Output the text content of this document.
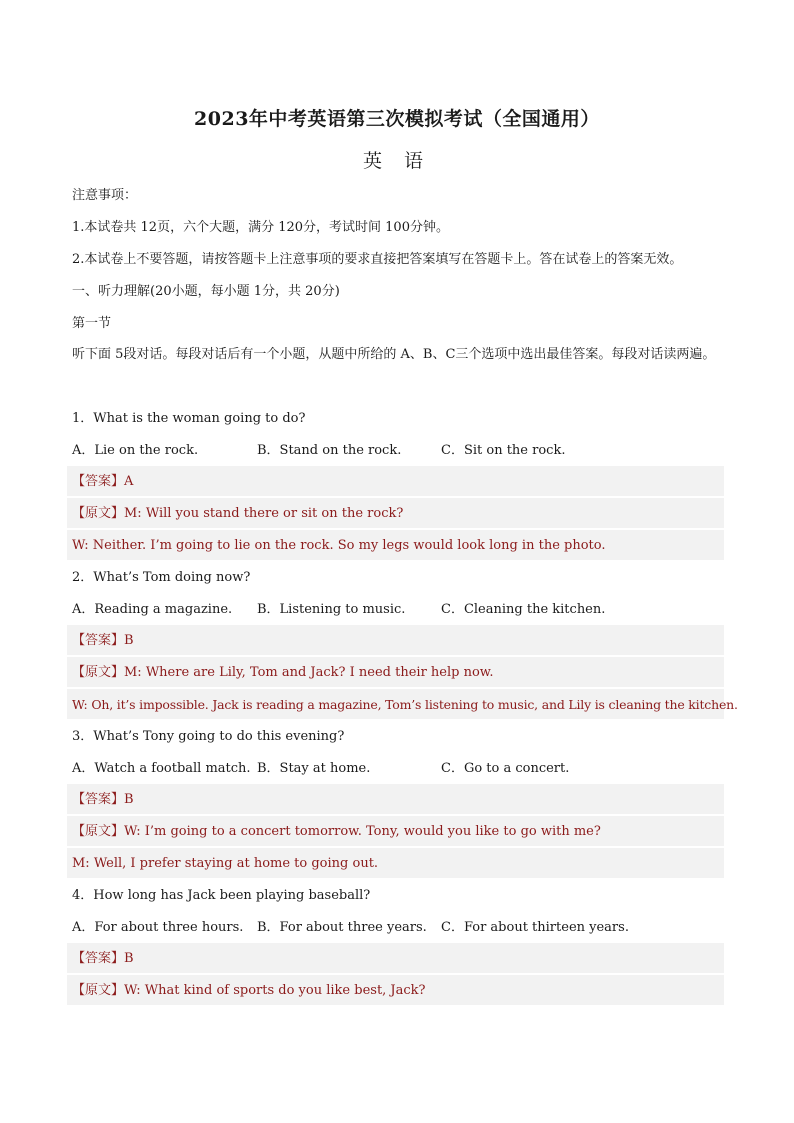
2023年中考英语第三次模拟考试（全国通用）
英 语
注意事项：
1.本试卷共 12页，六个大题，满分 120分，考试时间 100分钟。
2.本试卷上不要答题，请按答题卡上注意事项的要求直接把答案填写在答题卡上。答在试卷上的答案无效。
一、听力理解(20小题，每小题 1分，共 20分)
第一节
听下面 5段对话。每段对话后有一个小题，从题中所给的 A、B、C三个选项中选出最佳答案。每段对话读两遍。
1．What is the woman going to do?
A．Lie on the rock.	B．Stand on the rock.	C．Sit on the rock.
【答案】A
【原文】M: Will you stand there or sit on the rock?
W: Neither. I’m going to lie on the rock. So my legs would look long in the photo.
2．What’s Tom doing now?
A．Reading a magazine. B．Listening to music.	C．Cleaning the kitchen.
【答案】B
【原文】M: Where are Lily, Tom and Jack? I need their help now.
W: Oh, it’s impossible. Jack is reading a magazine, Tom’s listening to music, and Lily is cleaning the kitchen.
3．What’s Tony going to do this evening?
A．Watch a football match. B．Stay at home.	C．Go to a concert.
【答案】B
【原文】W: I’m going to a concert tomorrow. Tony, would you like to go with me?
M: Well, I prefer staying at home to going out.
4．How long has Jack been playing baseball?
A．For about three hours. B．For about three years. C．For about thirteen years.
【答案】B
【原文】W: What kind of sports do you like best, Jack?
